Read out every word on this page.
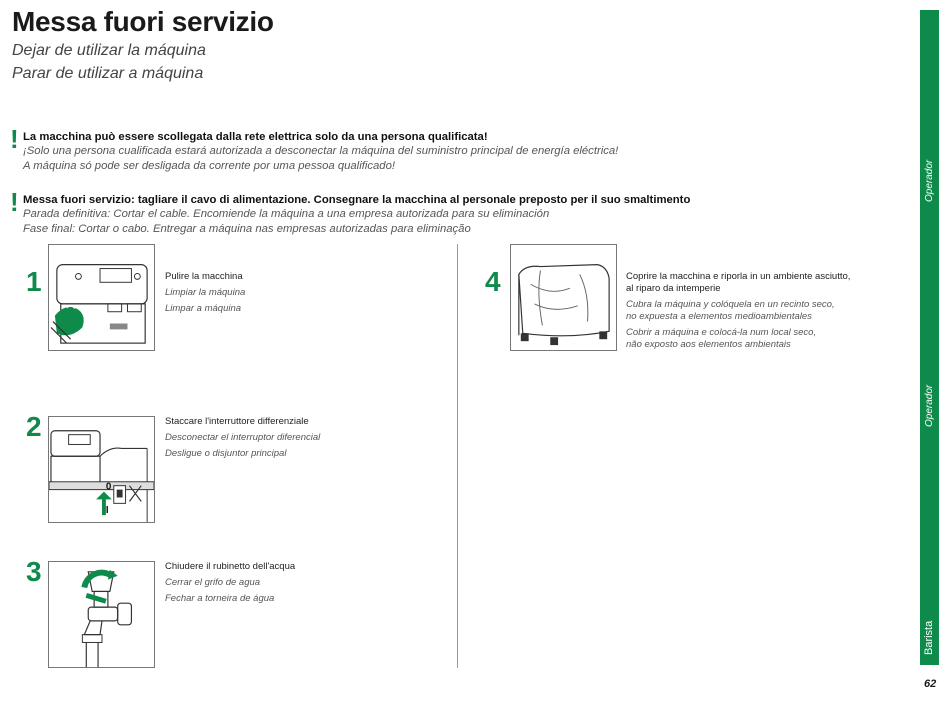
Messa fuori servizio
Dejar de utilizar la máquina
Parar de utilizar a máquina
! La macchina può essere scollegata dalla rete elettrica solo da una persona qualificata!
¡Solo una persona cualificada estará autorizada a desconectar la máquina del suministro principal de energía eléctrica!
A máquina só pode ser desligada da corrente por uma pessoa qualificado!
! Messa fuori servizio: tagliare il cavo di alimentazione. Consegnare la macchina al personale preposto per il suo smaltimento
Parada definitiva: Cortar el cable. Encomiende la máquina a una empresa autorizada para su eliminación
Fase final: Cortar o cabo. Entregar a máquina nas empresas autorizadas para eliminação
1	Pulire la macchina
Limpiar la máquina
Limpar a máquina
2
0
I
Staccare l'interruttore differenziale
Desconectar el interruptor diferencial
Desligue o disjuntor principal
3	Chiudere il rubinetto dell'acqua
Cerrar el grifo de agua
Fechar a torneira de água
4	Coprire la macchina e riporla in un ambiente asciutto,
al riparo da intemperie
Cubra la máquina y colóquela en un recinto seco,
no expuesta a elementos medioambientales
Cobrir a máquina e colocá-la num local seco,
não exposto aos elementos ambientais
Operador
Operador
Barista
62
